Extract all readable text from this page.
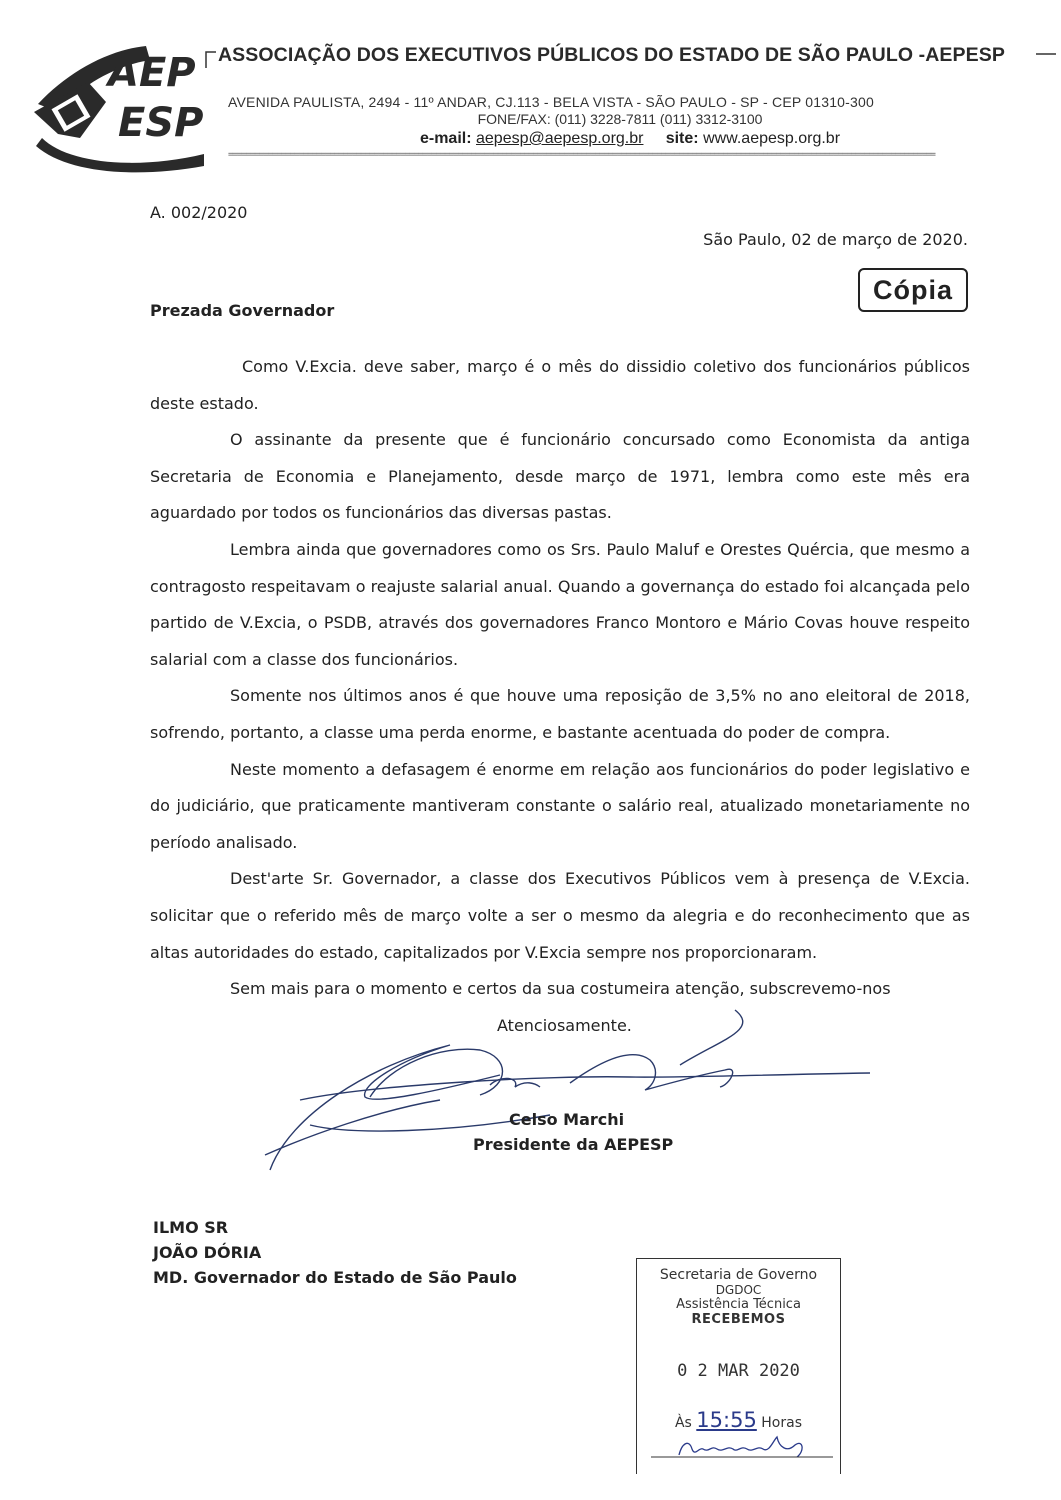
AEP
ESP
ASSOCIAÇÃO DOS EXECUTIVOS PÚBLICOS DO ESTADO DE SÃO PAULO -AEPESP
AVENIDA PAULISTA, 2494 - 11º ANDAR, CJ.113 - BELA VISTA - SÃO PAULO - SP - CEP 01310-300
FONE/FAX: (011) 3228-7811 (011) 3312-3100
e-mail: aepesp@aepesp.org.br site: www.aepesp.org.br
================================================================================================================================================================
A. 002/2020
São Paulo, 02 de março de 2020.
Cópia
Prezada Governador

Como V.Excia. deve saber, março é o mês do dissidio coletivo dos funcionários públicos deste estado.

O assinante da presente que é funcionário concursado como Economista da antiga Secretaria de Economia e Planejamento, desde março de 1971, lembra como este mês era aguardado por todos os funcionários das diversas pastas.

Lembra ainda que governadores como os Srs. Paulo Maluf e Orestes Quércia, que mesmo a contragosto respeitavam o reajuste salarial anual. Quando a governança do estado foi alcançada pelo partido de V.Excia, o PSDB, através dos governadores Franco Montoro e Mário Covas houve respeito salarial com a classe dos funcionários.

Somente nos últimos anos é que houve uma reposição de 3,5% no ano eleitoral de 2018, sofrendo, portanto, a classe uma perda enorme, e bastante acentuada do poder de compra.

Neste momento a defasagem é enorme em relação aos funcionários do poder legislativo e do judiciário, que praticamente mantiveram constante o salário real, atualizado monetariamente no período analisado.

Dest'arte Sr. Governador, a classe dos Executivos Públicos vem à presença de V.Excia. solicitar que o referido mês de março volte a ser o mesmo da alegria e do reconhecimento que as altas autoridades do estado, capitalizados por V.Excia sempre nos proporcionaram.

Sem mais para o momento e certos da sua costumeira atenção, subscrevemo-nos

Atenciosamente.
Celso Marchi
Presidente da AEPESP
ILMO SR
JOÃO DÓRIA
MD. Governador do Estado de São Paulo	Secretaria de Governo
DGDOC
Assistência Técnica
RECEBEMOS
0 2 MAR 2020
Às 15:55 Horas
